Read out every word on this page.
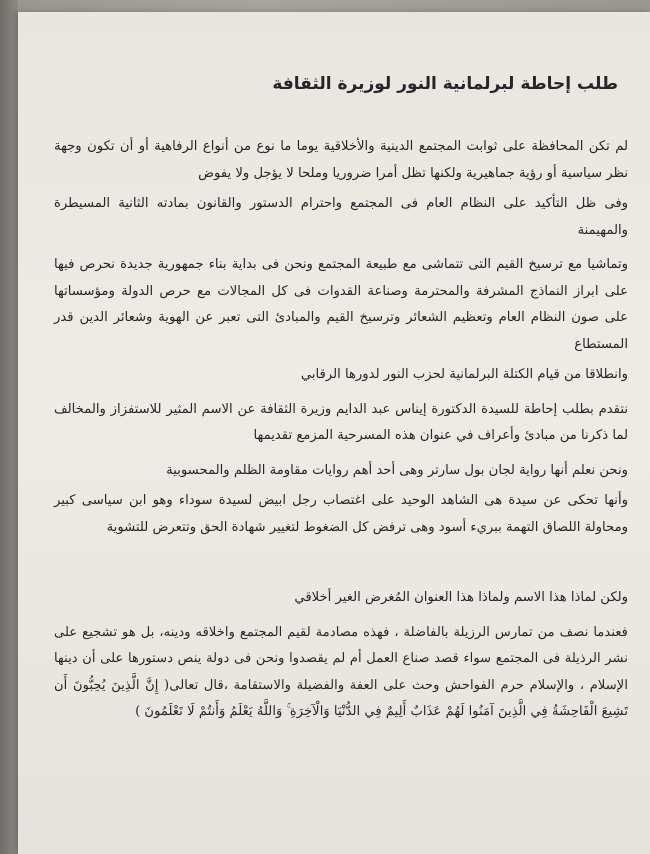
طلب إحاطة لبرلمانية النور لوزيرة الثقافة

لم تكن المحافظة على ثوابت المجتمع الدينية والأخلاقية يوما ما نوع من أنواع الرفاهية أو أن تكون وجهة نظر سياسية أو رؤية جماهيرية ولكنها تظل أمرا ضروريا وملحا لا يؤجل ولا يفوض

وفى ظل التأكيد على النظام العام فى المجتمع واحترام الدستور والقانون بمادته الثانية المسيطرة والمهيمنة

وتماشيا مع ترسيخ القيم التى تتماشى مع طبيعة المجتمع ونحن فى بداية بناء جمهورية جديدة نحرص فيها على ابراز النماذج المشرفة والمحترمة وصناعة القدوات فى كل المجالات مع حرص الدولة ومؤسساتها على صون النظام العام وتعظيم الشعائر وترسيخ القيم والمبادئ التى تعبر عن الهوية وشعائر الدين قدر المستطاع

وانطلاقا من قيام الكتلة البرلمانية لحزب النور لدورها الرقابي

نتقدم بطلب إحاطة للسيدة الدكتورة إيناس عبد الدايم وزيرة الثقافة عن الاسم المثير للاستفزاز والمخالف لما ذكرنا من مبادئ وأعراف في عنوان هذه المسرحية المزمع تقديمها

ونحن نعلم أنها رواية لجان بول سارتر وهى أحد أهم روايات مقاومة الظلم والمحسوبية

وأنها تحكى عن سيدة هى الشاهد الوحيد على اغتصاب رجل ابيض لسيدة سوداء وهو ابن سياسى كبير ومحاولة اللصاق التهمة ببريء أسود وهى ترفض كل الضغوط لتغيير شهادة الحق وتتعرض للتشوية

ولكن لماذا هذا الاسم ولماذا هذا العنوان المُغرض الغير أخلاقي

فعندما نصف من تمارس الرزيلة بالفاضلة ، فهذه مصادمة لقيم المجتمع واخلاقه ودينه، بل هو تشجيع على نشر الرذيلة فى المجتمع سواء قصد صناع العمل أم لم يقصدوا ونحن فى دولة ينص دستورها على أن دينها الإسلام ، والإسلام حرم الفواحش وحث على العفة والفضيلة والاستقامة ،قال تعالى( إِنَّ الَّذِينَ يُحِبُّونَ أَن تَشِيعَ الْفَاحِشَةُ فِي الَّذِينَ آمَنُوا لَهُمْ عَذَابٌ أَلِيمٌ فِي الدُّنْيَا وَالْآخِرَةِ ۚ وَاللَّهُ يَعْلَمُ وَأَنتُمْ لَا تَعْلَمُونَ )
